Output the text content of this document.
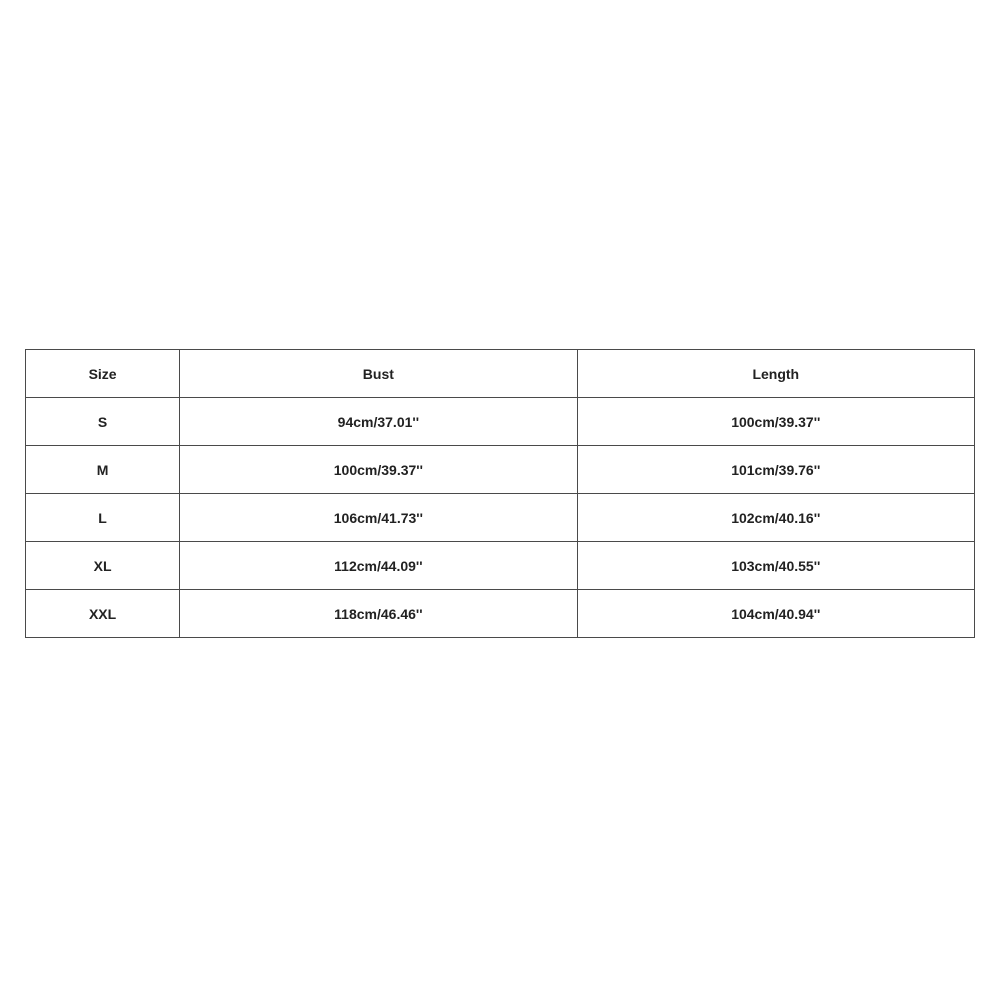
Size	Bust	Length
S	94cm/37.01''	100cm/39.37''
M	100cm/39.37''	101cm/39.76''
L	106cm/41.73''	102cm/40.16''
XL	112cm/44.09''	103cm/40.55''
XXL	118cm/46.46''	104cm/40.94''
